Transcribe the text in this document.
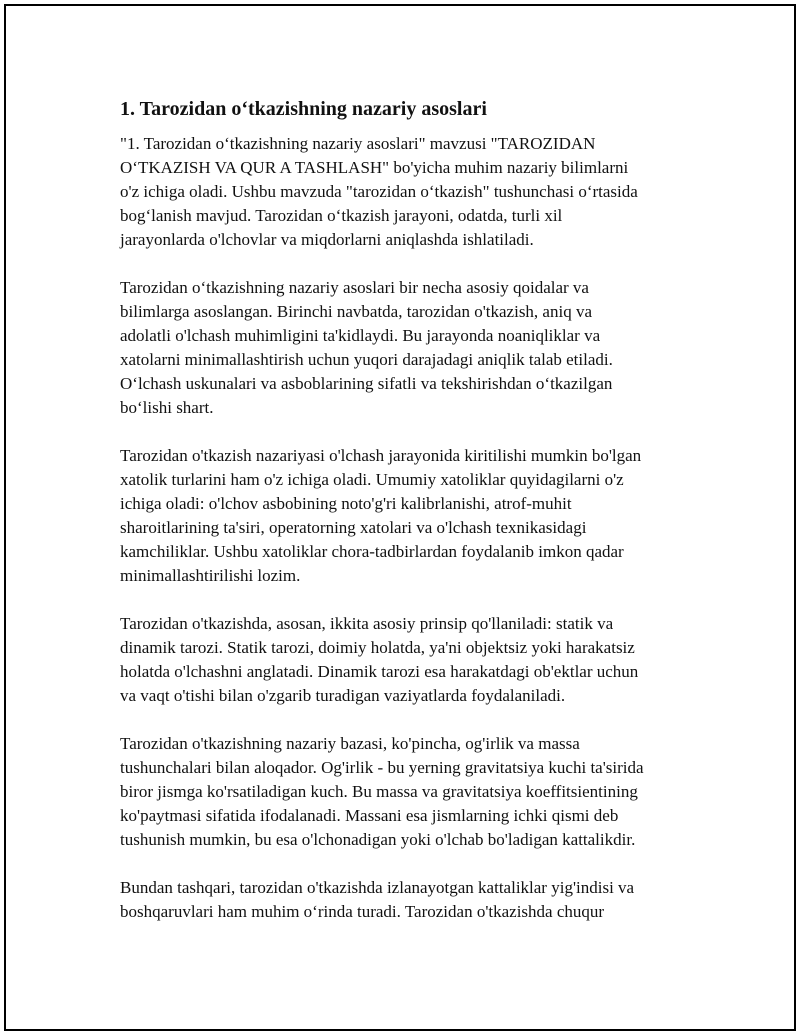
1. Tarozidan o‘tkazishning nazariy asoslari

"1. Tarozidan o‘tkazishning nazariy asoslari" mavzusi "TAROZIDAN
O‘TKAZISH VA QUR A TASHLASH" bo'yicha muhim nazariy bilimlarni
o'z ichiga oladi. Ushbu mavzuda "tarozidan o‘tkazish" tushunchasi o‘rtasida
bog‘lanish mavjud. Tarozidan o‘tkazish jarayoni, odatda, turli xil
jarayonlarda o'lchovlar va miqdorlarni aniqlashda ishlatiladi.

Tarozidan o‘tkazishning nazariy asoslari bir necha asosiy qoidalar va
bilimlarga asoslangan. Birinchi navbatda, tarozidan o'tkazish, aniq va
adolatli o'lchash muhimligini ta'kidlaydi. Bu jarayonda noaniqliklar va
xatolarni minimallashtirish uchun yuqori darajadagi aniqlik talab etiladi.
O‘lchash uskunalari va asboblarining sifatli va tekshirishdan o‘tkazilgan
bo‘lishi shart.

Tarozidan o'tkazish nazariyasi o'lchash jarayonida kiritilishi mumkin bo'lgan
xatolik turlarini ham o'z ichiga oladi. Umumiy xatoliklar quyidagilarni o'z
ichiga oladi: o'lchov asbobining noto'g'ri kalibrlanishi, atrof-muhit
sharoitlarining ta'siri, operatorning xatolari va o'lchash texnikasidagi
kamchiliklar. Ushbu xatoliklar chora-tadbirlardan foydalanib imkon qadar
minimallashtirilishi lozim.

Tarozidan o'tkazishda, asosan, ikkita asosiy prinsip qo'llaniladi: statik va
dinamik tarozi. Statik tarozi, doimiy holatda, ya'ni objektsiz yoki harakatsiz
holatda o'lchashni anglatadi. Dinamik tarozi esa harakatdagi ob'ektlar uchun
va vaqt o'tishi bilan o'zgarib turadigan vaziyatlarda foydalaniladi.

Tarozidan o'tkazishning nazariy bazasi, ko'pincha, og'irlik va massa
tushunchalari bilan aloqador. Og'irlik - bu yerning gravitatsiya kuchi ta'sirida
biror jismga ko'rsatiladigan kuch. Bu massa va gravitatsiya koeffitsientining
ko'paytmasi sifatida ifodalanadi. Massani esa jismlarning ichki qismi deb
tushunish mumkin, bu esa o'lchonadigan yoki o'lchab bo'ladigan kattalikdir.

Bundan tashqari, tarozidan o'tkazishda izlanayotgan kattaliklar yig'indisi va
boshqaruvlari ham muhim o‘rinda turadi. Tarozidan o'tkazishda chuqur
